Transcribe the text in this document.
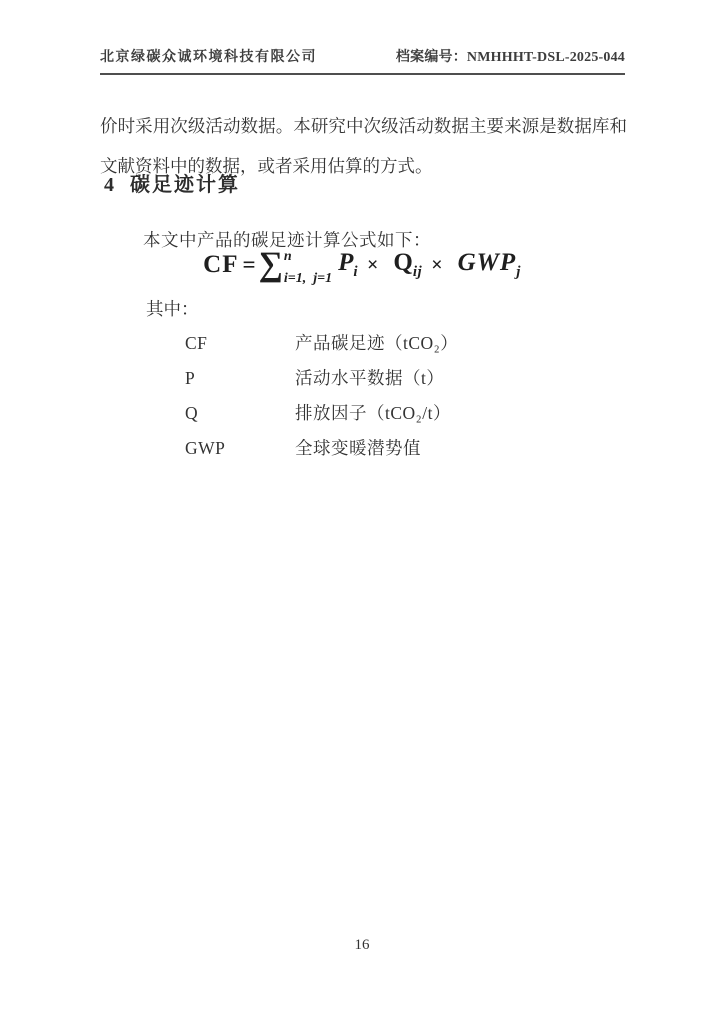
北京绿碳众诚环境科技有限公司	档案编号：NMHHHT-DSL-2025-044

价时采用次级活动数据。本研究中次级活动数据主要来源是数据库和文献资料中的数据，或者采用估算的方式。

4 碳足迹计算

本文中产品的碳足迹计算公式如下：

CF = ∑ n
i=1,  j=1
$P_i \times Q_{ij} \times GWP_j$
其中：
CF	产品碳足迹（tCO₂）
P	活动水平数据（t）
Q	排放因子（tCO₂/t）
GWP	全球变暖潜势值
16
